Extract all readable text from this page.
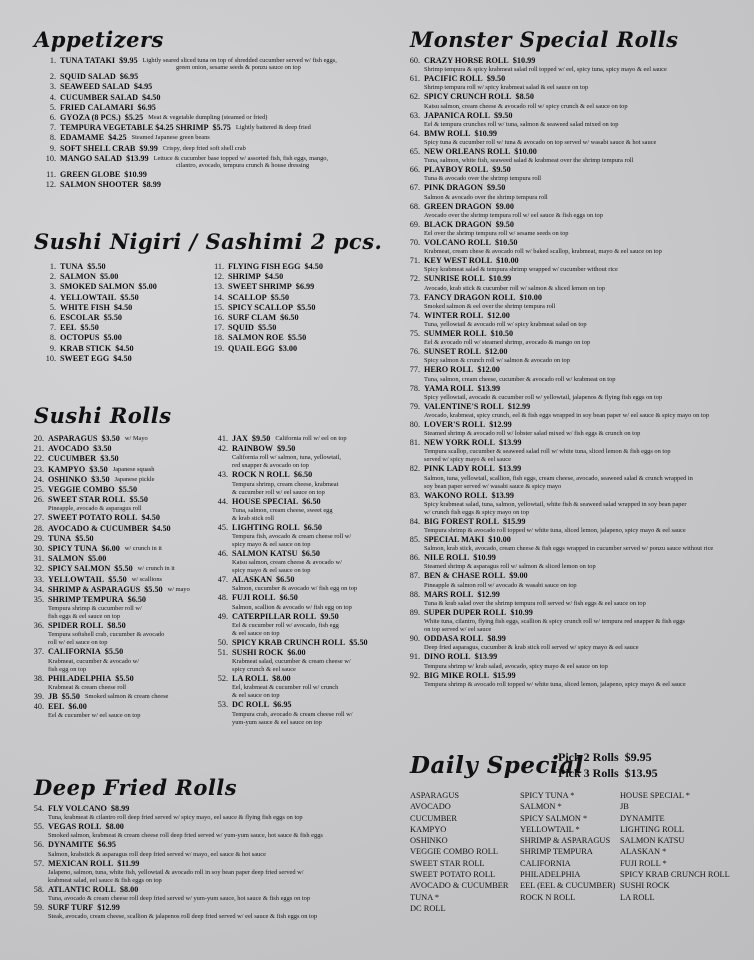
Appetizers
1. TUNA TATAKI $9.95 Lightly seared sliced tuna on top of shredded cucumber served w/ fish eggs,
green onion, sesame seeds & ponzu sauce on top
2. SQUID SALAD $6.95
3. SEAWEED SALAD $4.95
4. CUCUMBER SALAD $4.50
5. FRIED CALAMARI $6.95
6. GYOZA (8 PCS.) $5.25 Meat & vegetable dumpling (steamed or fried)
7. TEMPURA VEGETABLE $4.25 SHRIMP $5.75 Lightly battered & deep fried
8. EDAMAME $4.25 Steamed Japanese green beans
9. SOFT SHELL CRAB $9.99 Crispy, deep fried soft shell crab
10. MANGO SALAD $13.99 Lettuce & cucumber base topped w/ assorted fish, fish eggs, mango,
cilantro, avocado, tempura crunch & house dressing
11. GREEN GLOBE $10.99
12. SALMON SHOOTER $8.99
Sushi Nigiri / Sashimi 2 pcs.
1. TUNA $5.50
2. SALMON $5.00
3. SMOKED SALMON $5.00
4. YELLOWTAIL $5.50
5. WHITE FISH $4.50
6. ESCOLAR $5.50
7. EEL $5.50
8. OCTOPUS $5.00
9. KRAB STICK $4.50
10. SWEET EGG $4.50
11. FLYING FISH EGG $4.50
12. SHRIMP $4.50
13. SWEET SHRIMP $6.99
14. SCALLOP $5.50
15. SPICY SCALLOP $5.50
16. SURF CLAM $6.50
17. SQUID $5.50
18. SALMON ROE $5.50
19. QUAIL EGG $3.00
Sushi Rolls
20. ASPARAGUS $3.50 w/ Mayo
21. AVOCADO $3.50
22. CUCUMBER $3.50
23. KAMPYO $3.50 Japanese squash
24. OSHINKO $3.50 Japanese pickle
25. VEGGIE COMBO $5.50
26. SWEET STAR ROLL $5.50
Pineapple, avocado & asparagus roll
27. SWEET POTATO ROLL $4.50
28. AVOCADO & CUCUMBER $4.50
29. TUNA $5.50
30. SPICY TUNA $6.00 w/ crunch in it
31. SALMON $5.00
32. SPICY SALMON $5.50 w/ crunch in it
33. YELLOWTAIL $5.50 w/ scallions
34. SHRIMP & ASPARAGUS $5.50 w/ mayo
35. SHRIMP TEMPURA $6.50
Tempura shrimp & cucumber roll w/
fish eggs & eel sauce on top
36. SPIDER ROLL $8.50
Tempura softshell crab, cucumber & avocado
roll w/ eel sauce on top
37. CALIFORNIA $5.50
Krabmeat, cucumber & avocado w/
fish egg on top
38. PHILADELPHIA $5.50
Krabmeat & cream cheese roll
39. JB $5.50 Smoked salmon & cream cheese
40. EEL $6.00
Eel & cucumber w/ eel sauce on top
41. JAX $9.50 California roll w/ eel on top
42. RAINBOW $9.50
California roll w/ salmon, tuna, yellowtail,
red snapper & avocado on top
43. ROCK N ROLL $6.50
Tempura shrimp, cream cheese, krabmeat
& cucumber roll w/ eel sauce on top
44. HOUSE SPECIAL $6.50
Tuna, salmon, cream cheese, sweet egg
& krab stick roll
45. LIGHTING ROLL $6.50
Tempura fish, avocado & cream cheese roll w/
spicy mayo & eel sauce on top
46. SALMON KATSU $6.50
Katsu salmon, cream cheese & avocado w/
spicy mayo & eel sauce on top
47. ALASKAN $6.50
Salmon, cucumber & avocado w/ fish egg on top
48. FUJI ROLL $6.50
Salmon, scallion & avocado w/ fish egg on top
49. CATERPILLAR ROLL $9.50
Eel & cucumber roll w/ avocado, fish egg
& eel sauce on top
50. SPICY KRAB CRUNCH ROLL $5.50
51. SUSHI ROCK $6.00
Krabmeat salad, cucumber & cream cheese w/
spicy crunch & eel sauce
52. LA ROLL $8.00
Eel, krabmeat & cucumber roll w/ crunch
& eel sauce on top
53. DC ROLL $6.95
Tempura crab, avocado & cream cheese roll w/
yum-yum sauce & eel sauce on top
Deep Fried Rolls
54. FLY VOLCANO $8.99
Tuna, krabmeat & cilantro roll deep fried served w/ spicy mayo, eel sauce & flying fish eggs on top
55. VEGAS ROLL $8.00
Smoked salmon, krabmeat & cream cheese roll deep fried served w/ yum-yum sauce, hot sauce & fish eggs
56. DYNAMITE $6.95
Salmon, krabstick & asparagus roll deep fried served w/ mayo, eel sauce & hot sauce
57. MEXICAN ROLL $11.99
Jalapeno, salmon, tuna, white fish, yellowtail & avocado roll in soy bean paper deep fried served w/
krabmeat salad, eel sauce & fish eggs on top
58. ATLANTIC ROLL $8.00
Tuna, avocado & cream cheese roll deep fried served w/ yum-yum sauce, hot sauce & fish eggs on top
59. SURF TURF $12.99
Steak, avocado, cream cheese, scallion & jalapenos roll deep fried served w/ eel sauce & fish eggs on top
Monster Special Rolls
60. CRAZY HORSE ROLL $10.99
Shrimp tempura & spicy krabmeat salad roll topped w/ eel, spicy tuna, spicy mayo & eel sauce
61. PACIFIC ROLL $9.50
Shrimp tempura roll w/ spicy krabmeat salad & eel sauce on top
62. SPICY CRUNCH ROLL $8.50
Katsu salmon, cream cheese & avocado roll w/ spicy crunch & eel sauce on top
63. JAPANICA ROLL $9.50
Eel & tempura crunches roll w/ tuna, salmon & seaweed salad mixed on top
64. BMW ROLL $10.99
Spicy tuna & cucumber roll w/ tuna & avocado on top served w/ wasabi sauce & hot sauce
65. NEW ORLEANS ROLL $10.00
Tuna, salmon, white fish, seaweed salad & krabmeat over the shrimp tempura roll
66. PLAYBOY ROLL $9.50
Tuna & avocado over the shrimp tempura roll
67. PINK DRAGON $9.50
Salmon & avocado over the shrimp tempura roll
68. GREEN DRAGON $9.00
Avocado over the shrimp tempura roll w/ eel sauce & fish eggs on top
69. BLACK DRAGON $9.50
Eel over the shrimp tempura roll w/ sesame seeds on top
70. VOLCANO ROLL $10.50
Krabmeat, cream chese & avocado roll w/ baked scallop, krabmeat, mayo & eel sauce on top
71. KEY WEST ROLL $10.00
Spicy krabmeat salad & tempura shrimp wrapped w/ cucumber without rice
72. SUNRISE ROLL $10.99
Avocado, krab stick & cucumber roll w/ salmon & sliced lemon on top
73. FANCY DRAGON ROLL $10.00
Smoked salmon & eel over the shrimp tempura roll
74. WINTER ROLL $12.00
Tuna, yellowtail & avocado roll w/ spicy krabmeat salad on top
75. SUMMER ROLL $10.50
Eel & avocado roll w/ steamed shrimp, avocado & mango on top
76. SUNSET ROLL $12.00
Spicy salmon & crunch roll w/ salmon & avocado on top
77. HERO ROLL $12.00
Tuna, salmon, cream cheese, cucumber & avocado roll w/ krabmeat on top
78. YAMA ROLL $13.99
Spicy yellowtail, avocado & cucumber roll w/ yellowtail, jalapenos & flying fish eggs on top
79. VALENTINE'S ROLL $12.99
Avocado, krabmeat, spicy crunch, eel & fish eggs wrapped in soy bean paper w/ eel sauce & spicy mayo on top
80. LOVER'S ROLL $12.99
Steamed shrimp & avocado roll w/ lobster salad mixed w/ fish eggs & crunch on top
81. NEW YORK ROLL $13.99
Tempura scallop, cucumber & seaweed salad roll w/ white tuna, sliced lemon & fish eggs on top
served w/ spicy mayo & eel sauce
82. PINK LADY ROLL $13.99
Salmon, tuna, yellowtail, scallion, fish eggs, cream cheese, avocado, seaweed salad & crunch wrapped in
soy bean paper served w/ wasabi sauce & spicy mayo
83. WAKONO ROLL $13.99
Spicy krabmeat salad, tuna, salmon, yellowtail, white fish & seaweed salad wrapped in soy bean paper
w/ crunch fish eggs & spicy mayo on top
84. BIG FOREST ROLL $15.99
Tempura shrimp & avocado roll topped w/ white tuna, sliced lemon, jalapeno, spicy mayo & eel sauce
85. SPECIAL MAKI $10.00
Salmon, krab stick, avocado, cream cheese & fish eggs wrapped in cucumber served w/ ponzu sauce without rice
86. NILE ROLL $10.99
Steamed shrimp & asparagus roll w/ salmon & sliced lemon on top
87. BEN & CHASE ROLL $9.00
Pineapple & salmon roll w/ avocado & wasabi sauce on top
88. MARS ROLL $12.99
Tuna & krab salad over the shrimp tempura roll served w/ fish eggs & eel sauce on top
89. SUPER DUPER ROLL $10.99
White tuna, cilantro, flying fish eggs, scallion & spicy crunch roll w/ tempura red snapper & fish eggs
on top served w/ eel sauce
90. ODDASA ROLL $8.99
Deep fried asparagus, cucumber & krab stick roll served w/ spicy mayo & eel sauce
91. DINO ROLL $13.99
Tempura shrimp w/ krab salad, avocado, spicy mayo & eel sauce on top
92. BIG MIKE ROLL $15.99
Tempura shrimp & avocado roll topped w/ white tuna, sliced lemon, jalapeno, spicy mayo & eel sauce
Daily Special
Pick 2 Rolls  $9.95
Pick 3 Rolls  $13.95
ASPARAGUS
AVOCADO
CUCUMBER
KAMPYO
OSHINKO
VEGGIE COMBO ROLL
SWEET STAR ROLL
SWEET POTATO ROLL
AVOCADO & CUCUMBER
TUNA *
DC ROLL
SPICY TUNA *
SALMON *
SPICY SALMON *
YELLOWTAIL *
SHRIMP & ASPARAGUS
SHRIMP TEMPURA
CALIFORNIA
PHILADELPHIA
EEL (EEL & CUCUMBER)
ROCK N ROLL
HOUSE SPECIAL *
JB
DYNAMITE
LIGHTING ROLL
SALMON KATSU
ALASKAN *
FUJI ROLL *
SPICY KRAB CRUNCH ROLL
SUSHI ROCK
LA ROLL
